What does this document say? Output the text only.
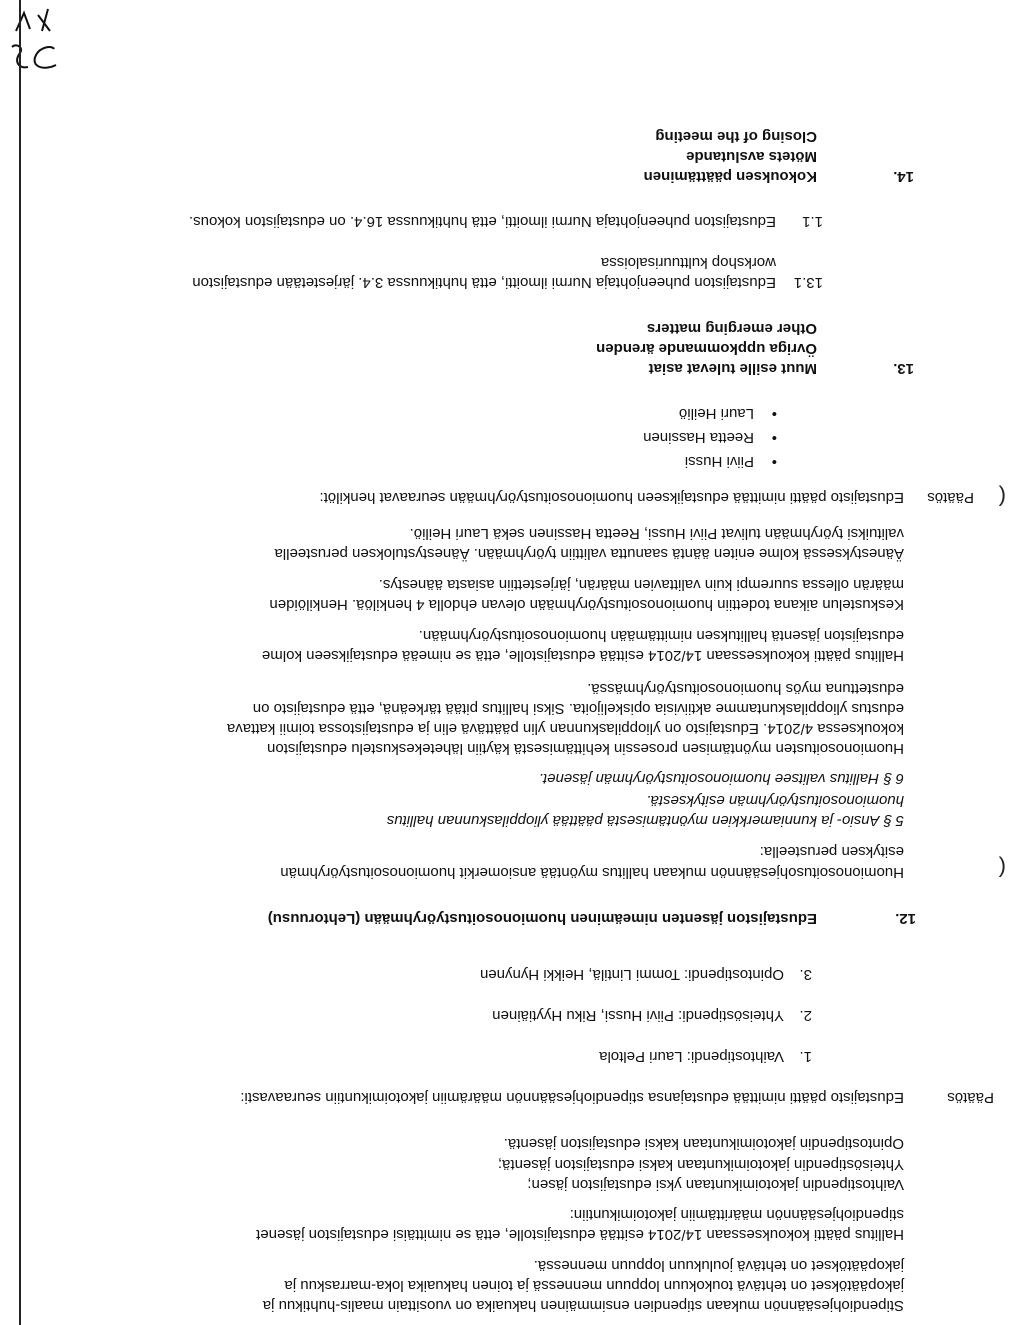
Stipendiohjesäännön mukaan stipendien ensimmäinen hakuaika on vuosittain maalis-huhtikuu ja
jakopäätökset on tehtävä toukokuun loppuun mennessä ja toinen hakuaika loka-marraskuu ja
jakopäätökset on tehtävä joulukuun loppuun mennessä.
Hallitus päätti kokouksessaan 14/2014 esittää edustajistolle, että se nimittäisi edustajiston jäsenet
stipendiohjesäännön määrittämiin jakotoimikuntiin:
Vaihtostipendin jakotoimikuntaan yksi edustajiston jäsen;
Yhteisöstipendin jakotoimikuntaan kaksi edustajiston jäsentä;
Opintostipendin jakotoimikuntaan kaksi edustajiston jäsentä.
Päätös
Edustajisto päätti nimittää edustajansa stipendiohjesäännön määrämiin jakotoimikuntiin seuraavasti:
1.
Vaihtostipendi: Lauri Peltola
2.
Yhteisöstipendi: Piivi Hussi, Riku Hyytiäinen
3.
Opintostipendi: Tommi Lintilä, Heikki Hynynen
12.
Edustajiston jäsenten nimeäminen huomionosoitustyöryhmään (Lehtoruusu)
(
Huomionosoitusohjesäännön mukaan hallitus myöntää ansiomerkit huomionosoitustyöryhmän
esityksen perusteella:
5 § Ansio- ja kunniamerkkien myöntämisestä päättää ylioppilaskunnan hallitus
huomionosoitustyöryhmän esityksestä.
6 § Hallitus valitsee huomionosoitustyöryhmän jäsenet.
Huomionosoitusten myöntämisen prosessin kehittämisestä käytiin lähetekeskustelu edustajiston
kokouksessa 4/2014. Edustajisto on ylioppilaskunnan ylin päättävä elin ja edustajistossa toimii kattava
edustus ylioppilaskuntamme aktiivisia opiskelijoita. Siksi hallitus pitää tärkeänä, että edustajisto on
edustettuna myös huomionosoitustyöryhmässä.
Hallitus päätti kokouksessaan 14/2014 esittää edustajistolle, että se nimeää edustajikseen kolme
edustajiston jäsentä hallituksen nimittämään huomionosoitustyöryhmään.
Keskustelun aikana todettiin huomionosoitustyöryhmään olevan ehdolla 4 henkilöä. Henkilöiden
määrän ollessa suurempi kuin valittavien määrän, järjestettiin asiasta äänestys.
Äänestyksessä kolme eniten ääntä saanutta valittiin työryhmään. Äänestystuloksen perusteella
valituiksi työryhmään tulivat Piivi Hussi, Reetta Hassinen sekä Lauri Heiliö.
(
Päätös
Edustajisto päätti nimittää edustajikseen huomionosoitustyöryhmään seuraavat henkilöt:
•
Piivi Hussi
•
Reetta Hassinen
•
Lauri Heiliö
13.
Muut esille tulevat asiat
Övriga uppkommande ärenden
Other emerging matters
13.1
Edustajiston puheenjohtaja Nurmi ilmoitti, että huhtikuussa 3.4. järjestetään edustajiston
workshop kulttuurisaloissa
1.1
Edustajiston puheenjohtaja Nurmi ilmoitti, että huhtikuussa 16.4. on edustajiston kokous.
14.
Kokouksen päättäminen
Mötets avslutande
Closing of the meeting
